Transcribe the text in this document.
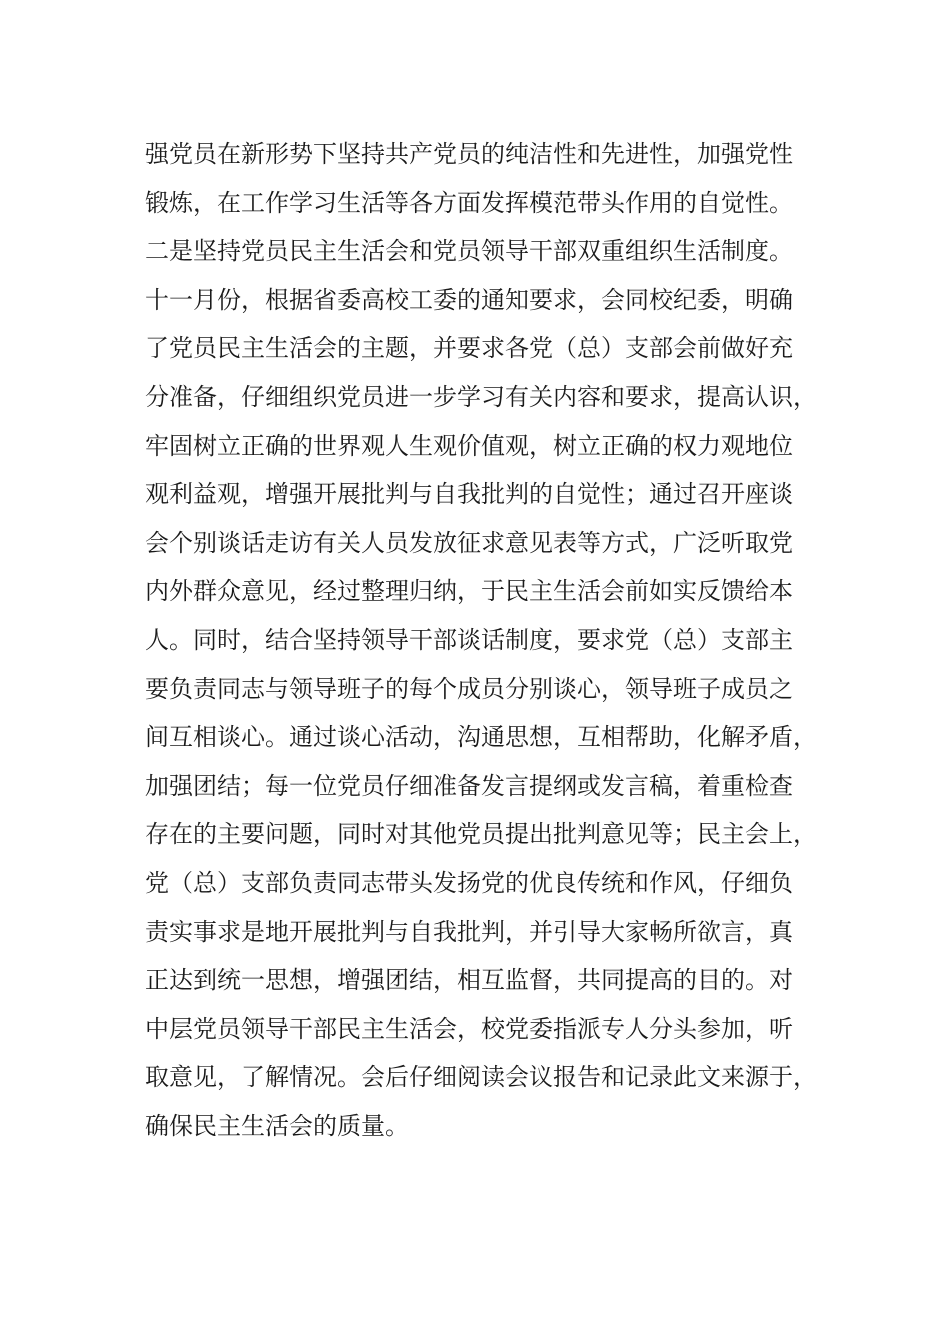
强党员在新形势下坚持共产党员的纯洁性和先进性，加强党性
锻炼，在工作学习生活等各方面发挥模范带头作用的自觉性。
二是坚持党员民主生活会和党员领导干部双重组织生活制度。
十一月份，根据省委高校工委的通知要求，会同校纪委，明确
了党员民主生活会的主题，并要求各党（总）支部会前做好充
分准备，仔细组织党员进一步学习有关内容和要求，提高认识，
牢固树立正确的世界观人生观价值观，树立正确的权力观地位
观利益观，增强开展批判与自我批判的自觉性；通过召开座谈
会个别谈话走访有关人员发放征求意见表等方式，广泛听取党
内外群众意见，经过整理归纳，于民主生活会前如实反馈给本
人。同时，结合坚持领导干部谈话制度，要求党（总）支部主
要负责同志与领导班子的每个成员分别谈心，领导班子成员之
间互相谈心。通过谈心活动，沟通思想，互相帮助，化解矛盾，
加强团结；每一位党员仔细准备发言提纲或发言稿，着重检查
存在的主要问题，同时对其他党员提出批判意见等；民主会上，
党（总）支部负责同志带头发扬党的优良传统和作风，仔细负
责实事求是地开展批判与自我批判，并引导大家畅所欲言，真
正达到统一思想，增强团结，相互监督，共同提高的目的。对
中层党员领导干部民主生活会，校党委指派专人分头参加，听
取意见，了解情况。会后仔细阅读会议报告和记录此文来源于，
确保民主生活会的质量。
